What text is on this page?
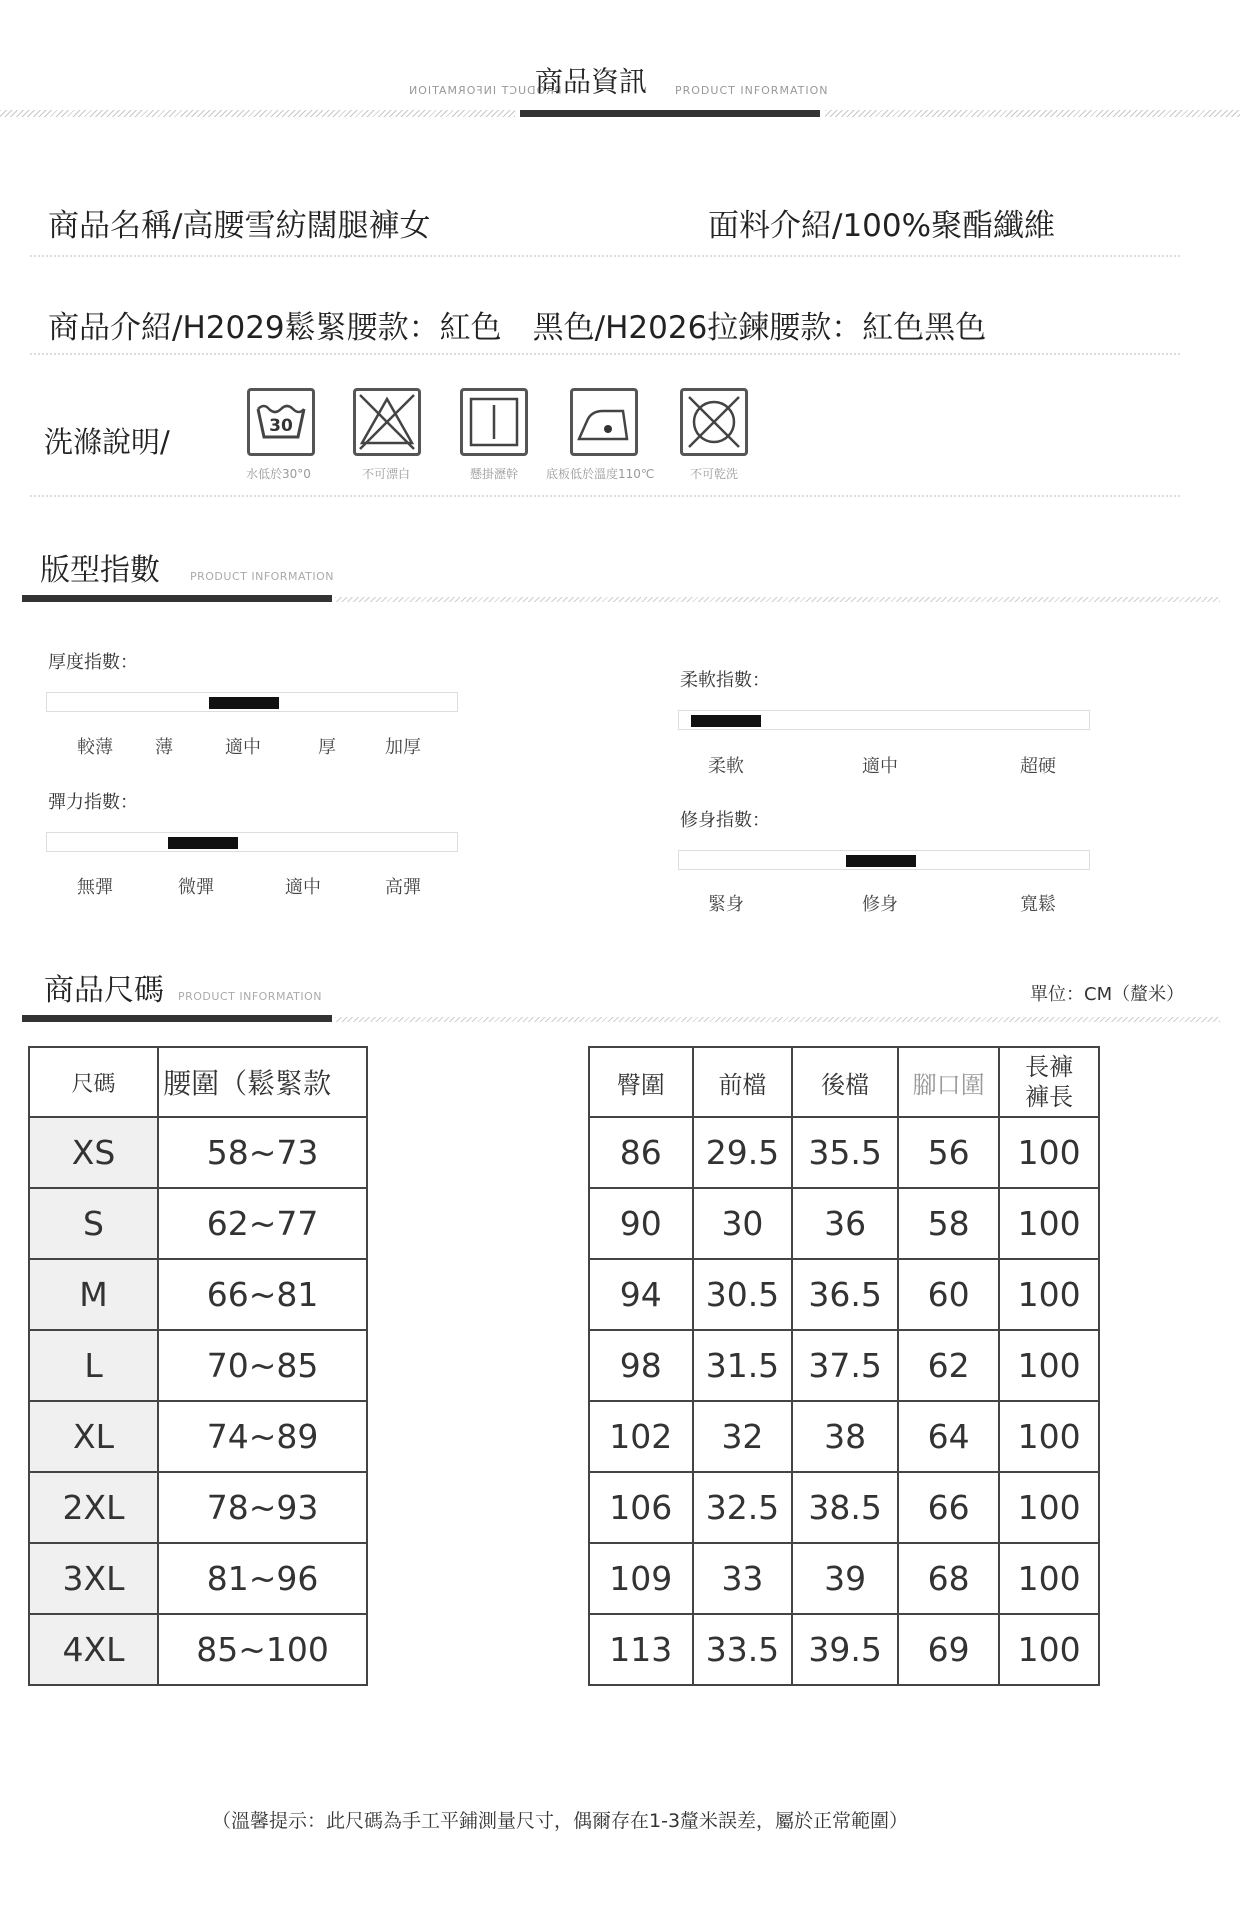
PRODUCT INFORMATION
商品資訊	PRODUCT INFORMATION
商品名稱/高腰雪紡闊腿褲女	面料介紹/100%聚酯纖維
商品介紹/H2029鬆緊腰款：紅色　黑色/H2026拉鍊腰款：紅色黑色
洗滌說明/	30
水低於30°0	不可漂白	懸掛瀝幹 底板低於溫度110℃	不可乾洗
版型指數	PRODUCT INFORMATION
厚度指數：
較薄 薄	適中	厚	加厚
彈力指數：
無彈	微彈	適中	高彈
柔軟指數：
柔軟	適中	超硬
修身指數：
緊身	修身	寬鬆
商品尺碼 PRODUCT INFORMATION	單位：CM（釐米）
尺碼	腰圍（鬆緊款
XS	58~73
S	62~77
M	66~81
L	70~85
XL	74~89
2XL	78~93
3XL	81~96
4XL	85~100
臀圍	前檔	後檔	腳口圍	長褲
褲長
86	29.5	35.5	56	100
90	30	36	58	100
94	30.5	36.5	60	100
98	31.5	37.5	62	100
102	32	38	64	100
106	32.5	38.5	66	100
109	33	39	68	100
113	33.5	39.5	69	100
（溫馨提示：此尺碼為手工平鋪測量尺寸，偶爾存在1-3釐米誤差，屬於正常範圍）
